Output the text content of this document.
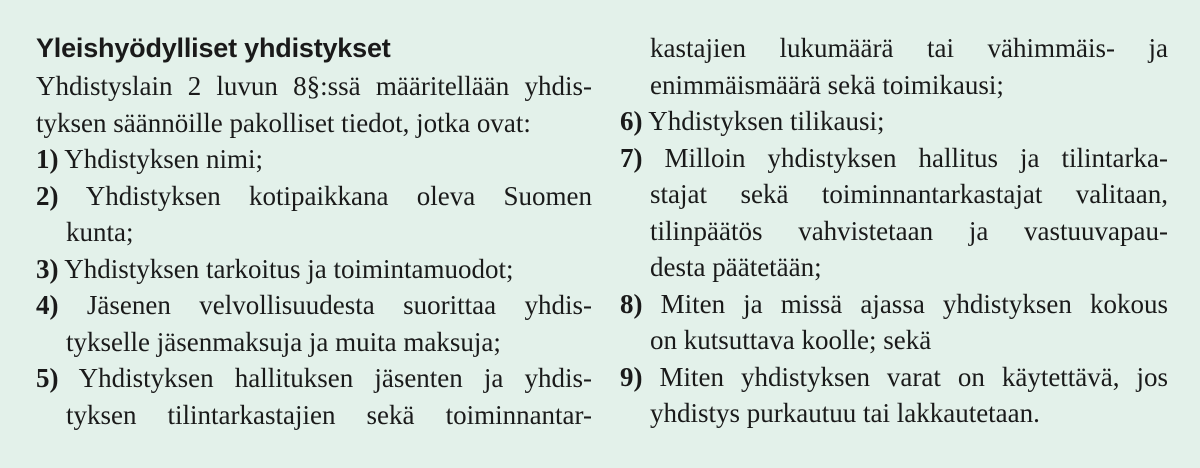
Yleishyödylliset yhdistykset
Yhdistyslain 2 luvun 8§:ssä määritellään yhdis-
tyksen säännöille pakolliset tiedot, jotka ovat:
1) Yhdistyksen nimi;
2) Yhdistyksen kotipaikkana oleva Suomen
kunta;
3) Yhdistyksen tarkoitus ja toimintamuodot;
4) Jäsenen velvollisuudesta suorittaa yhdis-
tykselle jäsenmaksuja ja muita maksuja;
5) Yhdistyksen hallituksen jäsenten ja yhdis-
tyksen tilintarkastajien sekä toiminnantar-
kastajien lukumäärä tai vähimmäis- ja
enimmäismäärä sekä toimikausi;
6) Yhdistyksen tilikausi;
7) Milloin yhdistyksen hallitus ja tilintarka-
stajat sekä toiminnantarkastajat valitaan,
tilinpäätös vahvistetaan ja vastuuvapau-
desta päätetään;
8) Miten ja missä ajassa yhdistyksen kokous
on kutsuttava koolle; sekä
9) Miten yhdistyksen varat on käytettävä, jos
yhdistys purkautuu tai lakkautetaan.
